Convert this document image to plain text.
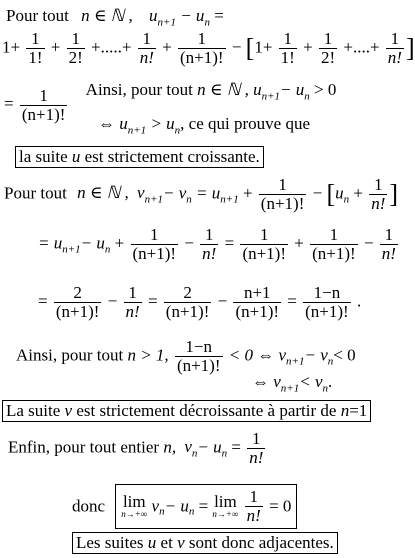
Pour tout n ∈ ℕ , $u_{n+1} - u_n$ =
$1+ \frac{1}{1!} + \frac{1}{2!}$ +.....+ $\frac{1}{n!} + \frac{1}{(n+1)!} - [1+ \frac{1}{1!} + \frac{1}{2!}$ +....+ $\frac{1}{n!}$ ]
= $\frac{1}{(n+1)!}$ Ainsi, pour tout n ∈ ℕ , $u_{n+1}- u_n > 0$
⇔ $u_{n+1} > u_n$, ce qui prouve que
la suite u est strictement croissante.
Pour tout n ∈ ℕ , $v_{n+1}- v_n = u_{n+1} + \frac{1}{(n+1)!} - [u_n + \frac{1}{n!}$ ]
= $u_{n+1}- u_n + \frac{1}{(n+1)!} - \frac{1}{n!} = \frac{1}{(n+1)!} + \frac{1}{(n+1)!} - \frac{1}{n!}$
= $\frac{2}{(n+1)!} - \frac{1}{n!} = \frac{2}{(n+1)!} - \frac{n+1}{(n+1)!} = \frac{1-n}{(n+1)!}$ .
Ainsi, pour tout n > 1, $\frac{1-n}{(n+1)!} < 0$ ⇔ $v_{n+1}- v_n< 0$
⇔ $v_{n+1}< v_n$.
La suite v est strictement décroissante à partir de n=1
Enfin, pour tout entier n, $v_n- u_n = \frac{1}{n!}$
donc lim
n→+∞ $v_n- u_n = \lim$
n→+∞
$\frac{1}{n!} = 0$
Les suites u et v sont donc adjacentes.
